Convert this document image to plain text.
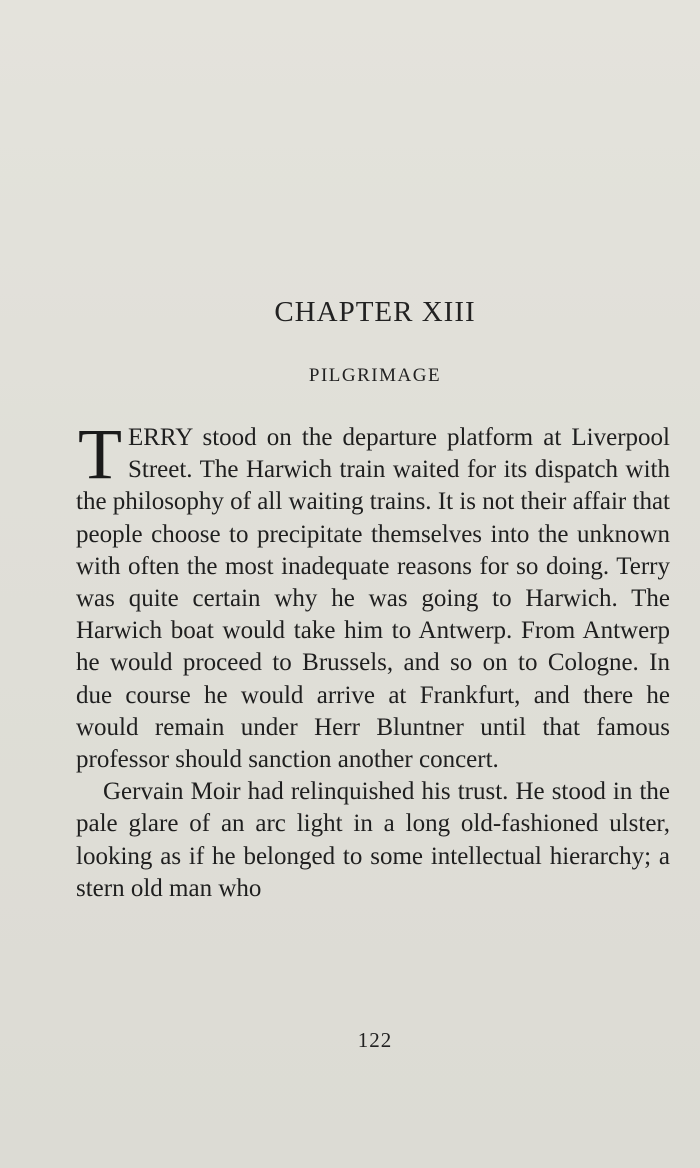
CHAPTER XIII
PILGRIMAGE

TERRY stood on the departure platform at Liverpool Street. The Harwich train waited for its dispatch with the philosophy of all waiting trains. It is not their affair that people choose to precipitate themselves into the unknown with often the most inadequate reasons for so doing. Terry was quite certain why he was going to Harwich. The Harwich boat would take him to Antwerp. From Antwerp he would proceed to Brussels, and so on to Cologne. In due course he would arrive at Frankfurt, and there he would remain under Herr Bluntner until that famous professor should sanction another concert.

Gervain Moir had relinquished his trust. He stood in the pale glare of an arc light in a long old-fashioned ulster, looking as if he belonged to some intellectual hierarchy; a stern old man who

122
